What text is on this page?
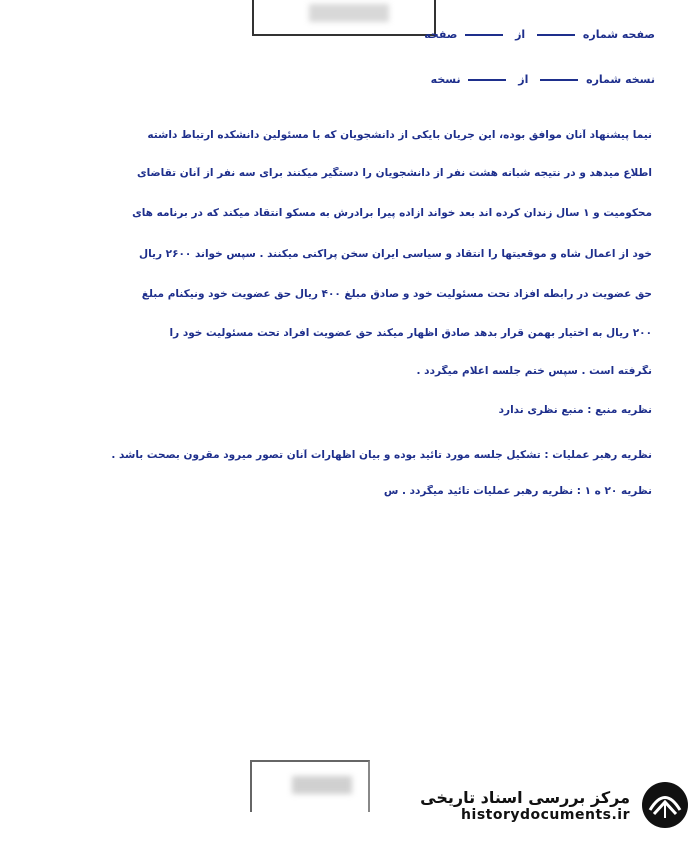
صفحه شماره  از  صفحه
نسخه شماره  از  نسخه
نیما پیشنهاد آنان موافق بوده، این جریان بایکی از دانشجویان که با مسئولین دانشکده ارتباط داشته
اطلاع میدهد و در نتیجه شبانه هشت نفر از دانشجویان را دستگیر میکنند برای سه نفر از آنان تقاضای
محکومیت و ۱ سال زندان کرده اند بعد خواند ازاده پیرا برادرش به مسکو انتقاد میکند که در برنامه های
خود از اعمال شاه و موقعیتها را انتقاد و سیاسی ایران سخن پراکنی میکنند . سپس خواند ۲۶۰۰ ریال
حق عضویت در رابطه افزاد تحت مسئولیت خود و صادق مبلغ ۴۰۰ ریال حق عضویت خود ونیکنام مبلغ
۲۰۰ ریال به اختیار بهمن قرار بدهد صادق اظهار میکند حق عضویت افراد تحت مسئولیت خود را
نگرفته است . سپس ختم جلسه اعلام میگردد .
نظریه منبع : منبع نظری ندارد
نظریه رهبر عملیات : تشکیل جلسه مورد تائید بوده و بیان اظهارات آنان تصور میرود مقرون بصحت باشد .
نظریه ۲۰ ه ۱ : نظریه رهبر عملیات تائید میگردد . س
مرکز بررسی اسناد تاریخی
historydocuments.ir
